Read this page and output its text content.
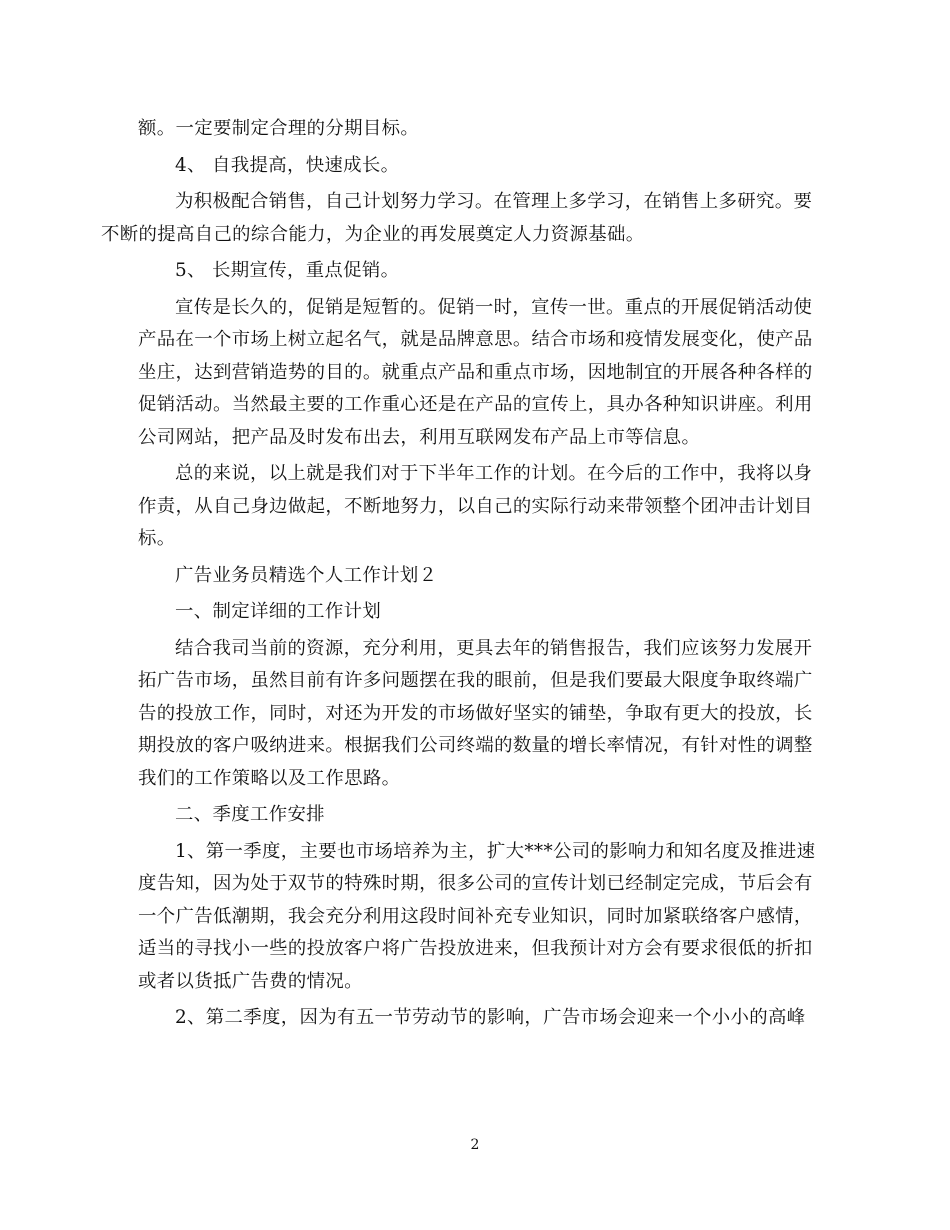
额。一定要制定合理的分期目标。
4、 自我提高，快速成长。
为积极配合销售，自己计划努力学习。在管理上多学习，在销售上多研究。要
不断的提高自己的综合能力，为企业的再发展奠定人力资源基础。
5、 长期宣传，重点促销。
宣传是长久的，促销是短暂的。促销一时，宣传一世。重点的开展促销活动使
产品在一个市场上树立起名气，就是品牌意思。结合市场和疫情发展变化，使产品
坐庄，达到营销造势的目的。就重点产品和重点市场，因地制宜的开展各种各样的
促销活动。当然最主要的工作重心还是在产品的宣传上，具办各种知识讲座。利用
公司网站，把产品及时发布出去，利用互联网发布产品上市等信息。
总的来说，以上就是我们对于下半年工作的计划。在今后的工作中，我将以身
作责，从自己身边做起，不断地努力，以自己的实际行动来带领整个团冲击计划目
标。
广告业务员精选个人工作计划２
一、制定详细的工作计划
结合我司当前的资源，充分利用，更具去年的销售报告，我们应该努力发展开
拓广告市场，虽然目前有许多问题摆在我的眼前，但是我们要最大限度争取终端广
告的投放工作，同时，对还为开发的市场做好坚实的铺垫，争取有更大的投放，长
期投放的客户吸纳进来。根据我们公司终端的数量的增长率情况，有针对性的调整
我们的工作策略以及工作思路。
二、季度工作安排
1、第一季度，主要也市场培养为主，扩大***公司的影响力和知名度及推进速
度告知，因为处于双节的特殊时期，很多公司的宣传计划已经制定完成，节后会有
一个广告低潮期，我会充分利用这段时间补充专业知识，同时加紧联络客户感情，
适当的寻找小一些的投放客户将广告投放进来，但我预计对方会有要求很低的折扣
或者以货抵广告费的情况。
2、第二季度，因为有五一节劳动节的影响，广告市场会迎来一个小小的高峰
2
